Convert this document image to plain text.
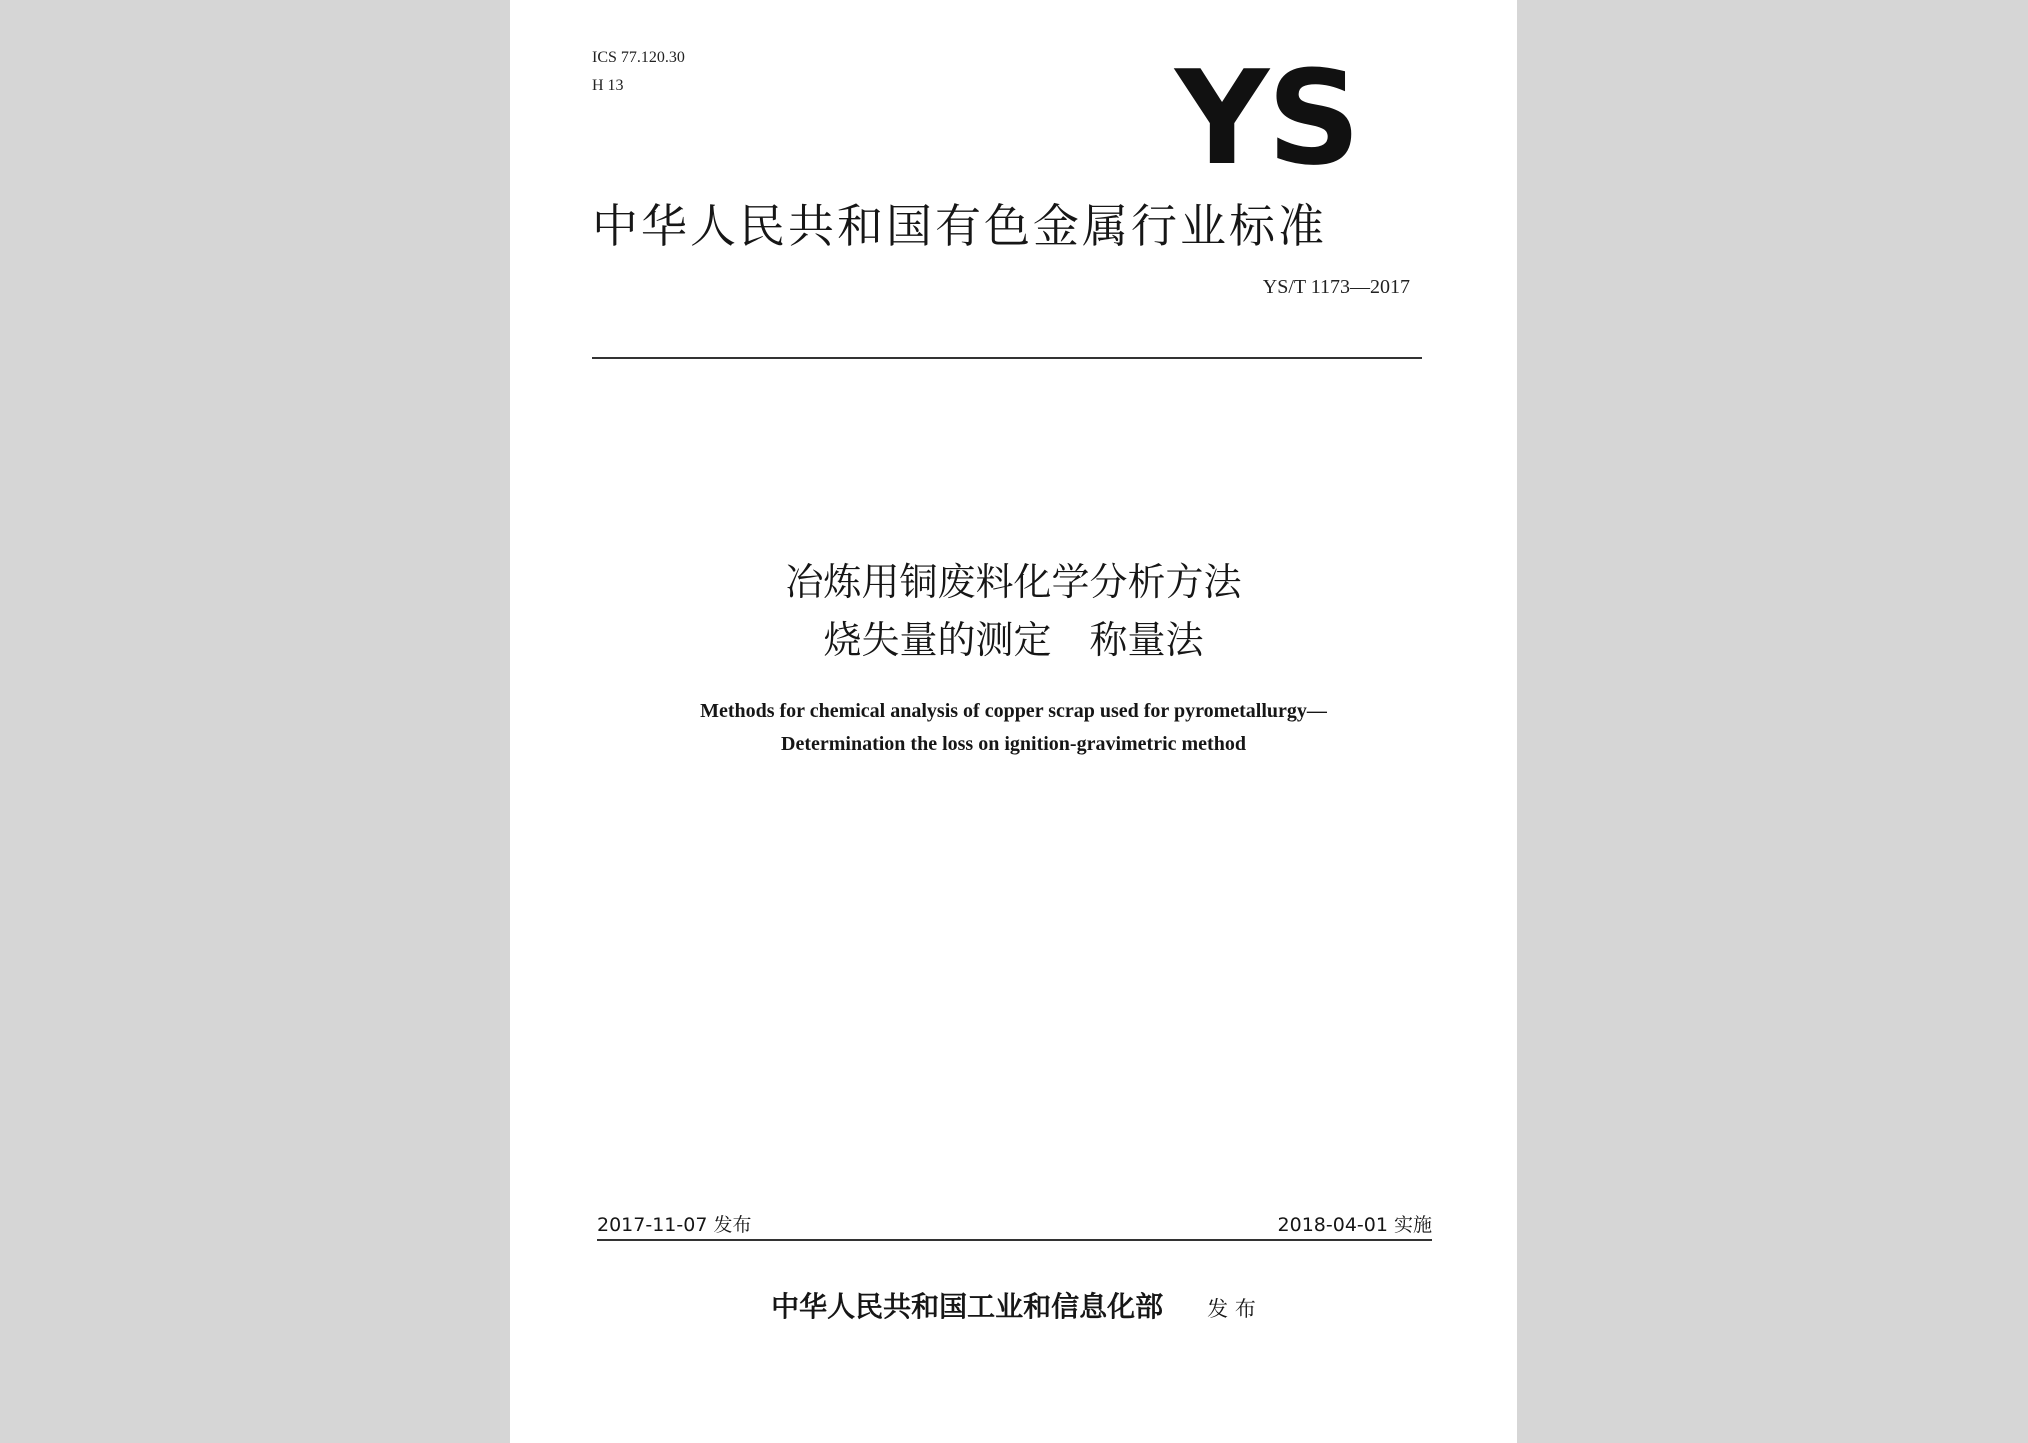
ICS 77.120.30
H 13	YS
中华人民共和国有色金属行业标准
YS/T 1173—2017
冶炼用铜废料化学分析方法
烧失量的测定　称量法
Methods for chemical analysis of copper scrap used for pyrometallurgy—
Determination the loss on ignition-gravimetric method
2017-11-07 发布	2018-04-01 实施
中华人民共和国工业和信息化部 发 布
